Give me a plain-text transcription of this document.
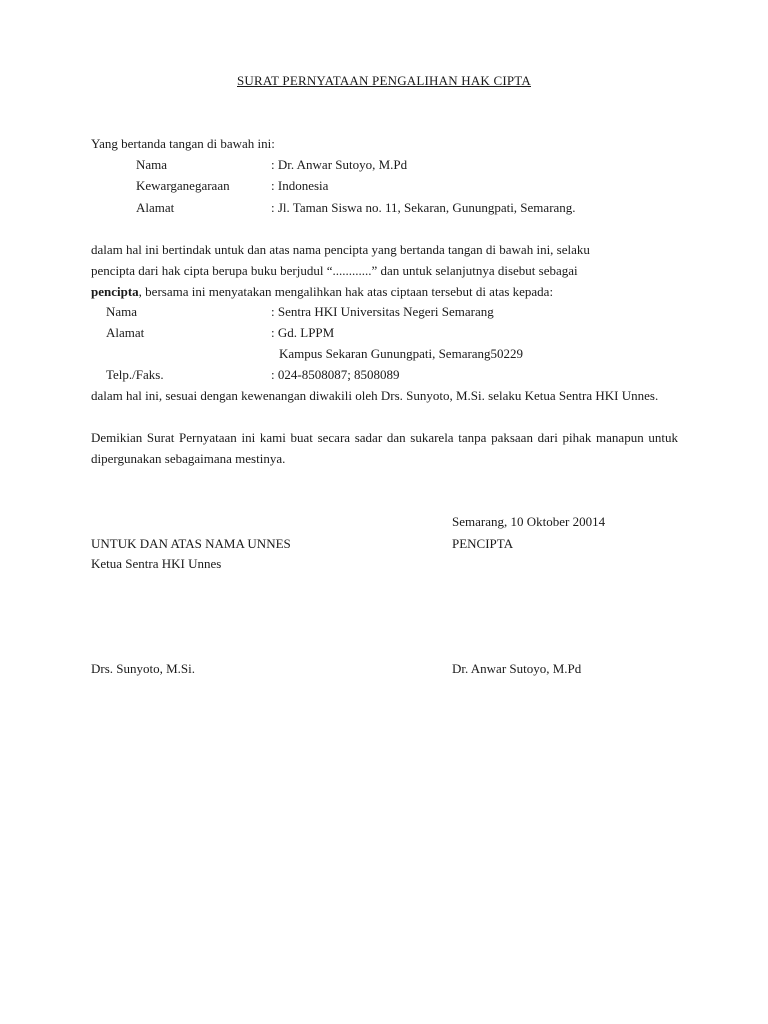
SURAT PERNYATAAN PENGALIHAN HAK CIPTA
Yang bertanda tangan di bawah ini:
Nama	: Dr. Anwar Sutoyo, M.Pd
Kewarganegaraan	: Indonesia
Alamat	: Jl. Taman Siswa no. 11, Sekaran, Gunungpati, Semarang.
dalam hal ini bertindak untuk dan atas nama pencipta yang bertanda tangan di bawah ini, selaku
pencipta dari hak cipta berupa buku berjudul “............” dan untuk selanjutnya disebut sebagai
pencipta, bersama ini menyatakan mengalihkan hak atas ciptaan tersebut di atas kepada:
Nama	: Sentra HKI Universitas Negeri Semarang
Alamat	: Gd. LPPM
Kampus Sekaran Gunungpati, Semarang50229
Telp./Faks.	: 024-8508087; 8508089
dalam hal ini, sesuai dengan kewenangan diwakili oleh Drs. Sunyoto, M.Si. selaku Ketua Sentra HKI Unnes.
Demikian Surat Pernyataan ini kami buat secara sadar dan sukarela tanpa paksaan dari pihak manapun untuk dipergunakan sebagaimana mestinya.
Semarang, 10 Oktober 20014
UNTUK DAN ATAS NAMA UNNES	PENCIPTA
Ketua Sentra HKI Unnes
Drs. Sunyoto, M.Si.	Dr. Anwar Sutoyo, M.Pd
